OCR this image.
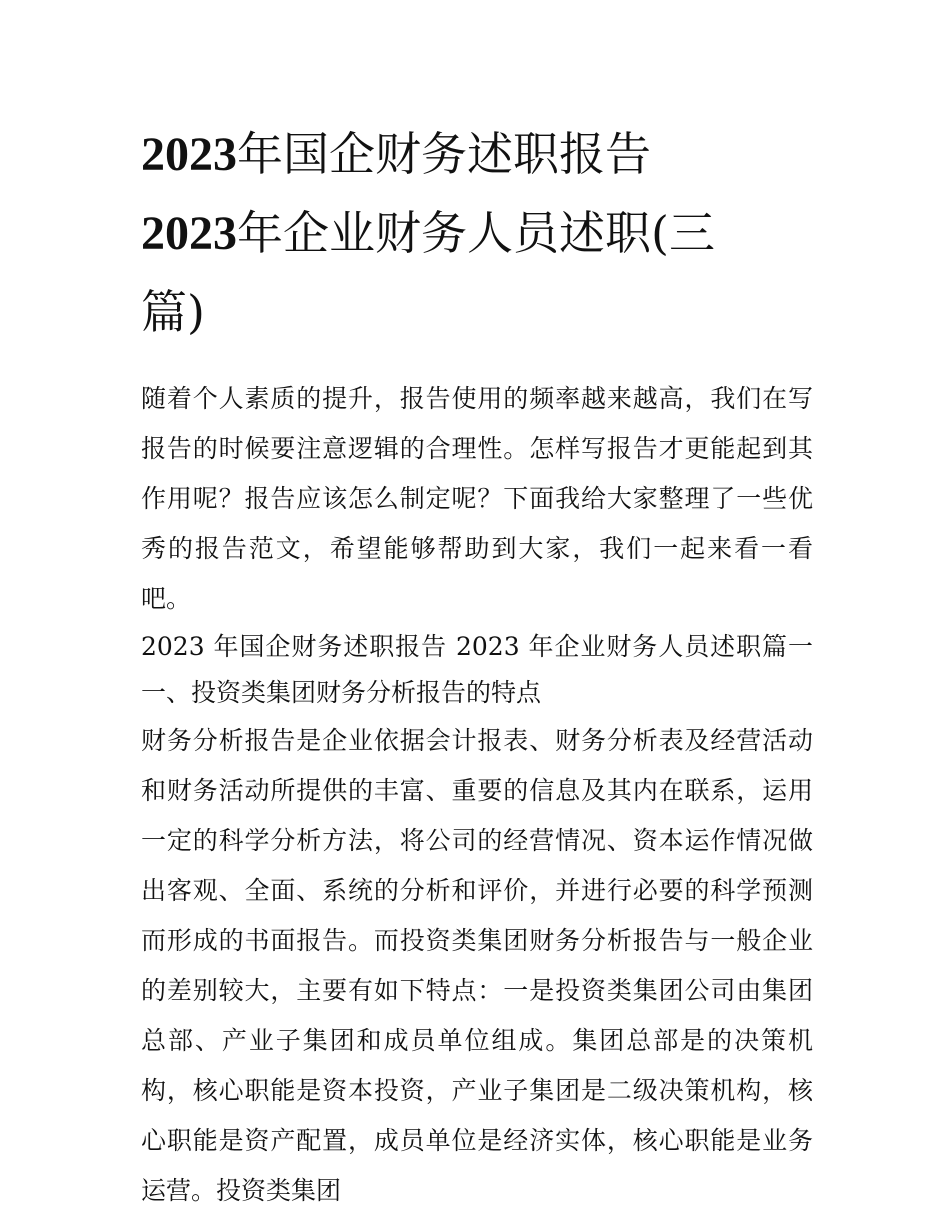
2023年国企财务述职报告
2023年企业财务人员述职(三
篇)

随着个人素质的提升，报告使用的频率越来越高，我们在写报告的时候要注意逻辑的合理性。怎样写报告才更能起到其作用呢？报告应该怎么制定呢？下面我给大家整理了一些优秀的报告范文，希望能够帮助到大家，我们一起来看一看吧。

2023 年国企财务述职报告 2023 年企业财务人员述职篇一 一、投资类集团财务分析报告的特点

财务分析报告是企业依据会计报表、财务分析表及经营活动和财务活动所提供的丰富、重要的信息及其内在联系，运用一定的科学分析方法，将公司的经营情况、资本运作情况做出客观、全面、系统的分析和评价，并进行必要的科学预测而形成的书面报告。而投资类集团财务分析报告与一般企业的差别较大，主要有如下特点：一是投资类集团公司由集团总部、产业子集团和成员单位组成。集团总部是的决策机构，核心职能是资本投资，产业子集团是二级决策机构，核心职能是资产配置，成员单位是经济实体，核心职能是业务运营。投资类集团
